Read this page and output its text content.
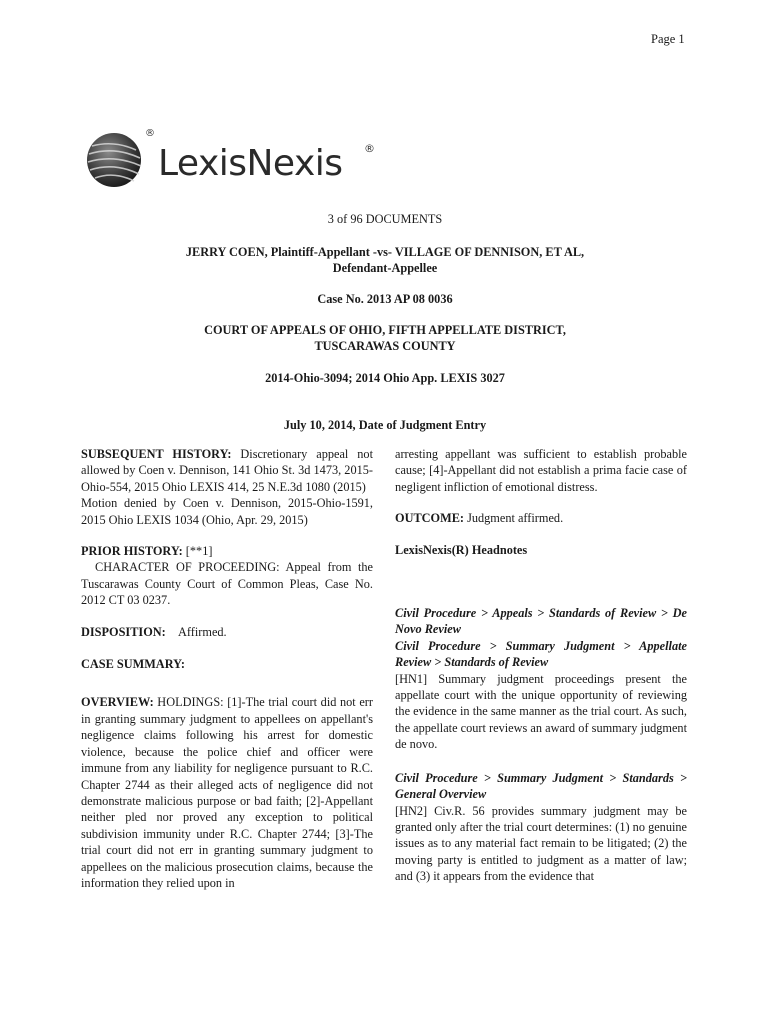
Page 1
®
LexisNexis ®
3 of 96 DOCUMENTS
JERRY COEN, Plaintiff-Appellant -vs- VILLAGE OF DENNISON, ET AL,
Defendant-Appellee
Case No. 2013 AP 08 0036
COURT OF APPEALS OF OHIO, FIFTH APPELLATE DISTRICT,
TUSCARAWAS COUNTY
2014-Ohio-3094; 2014 Ohio App. LEXIS 3027
July 10, 2014, Date of Judgment Entry

SUBSEQUENT HISTORY: Discretionary appeal not allowed by Coen v. Dennison, 141 Ohio St. 3d 1473, 2015-Ohio-554, 2015 Ohio LEXIS 414, 25 N.E.3d 1080 (2015)

Motion denied by Coen v. Dennison, 2015-Ohio-1591, 2015 Ohio LEXIS 1034 (Ohio, Apr. 29, 2015)

PRIOR HISTORY: [**1]

CHARACTER OF PROCEEDING: Appeal from the Tuscarawas County Court of Common Pleas, Case No. 2012 CT 03 0237.

DISPOSITION:    Affirmed.

CASE SUMMARY:

OVERVIEW: HOLDINGS: [1]-The trial court did not err in granting summary judgment to appellees on appellant's negligence claims following his arrest for domestic violence, because the police chief and officer were immune from any liability for negligence pursuant to R.C. Chapter 2744 as their alleged acts of negligence did not demonstrate malicious purpose or bad faith; [2]-Appellant neither pled nor proved any exception to political subdivision immunity under R.C. Chapter 2744; [3]-The trial court did not err in granting summary judgment to appellees on the malicious prosecution claims, because the information they relied upon in

arresting appellant was sufficient to establish probable cause; [4]-Appellant did not establish a prima facie case of negligent infliction of emotional distress.

OUTCOME: Judgment affirmed.

LexisNexis(R) Headnotes

Civil Procedure > Appeals > Standards of Review > De Novo Review

Civil Procedure > Summary Judgment > Appellate Review > Standards of Review

[HN1] Summary judgment proceedings present the appellate court with the unique opportunity of reviewing the evidence in the same manner as the trial court. As such, the appellate court reviews an award of summary judgment de novo.

Civil Procedure > Summary Judgment > Standards > General Overview

[HN2] Civ.R. 56 provides summary judgment may be granted only after the trial court determines: (1) no genuine issues as to any material fact remain to be litigated; (2) the moving party is entitled to judgment as a matter of law; and (3) it appears from the evidence that
